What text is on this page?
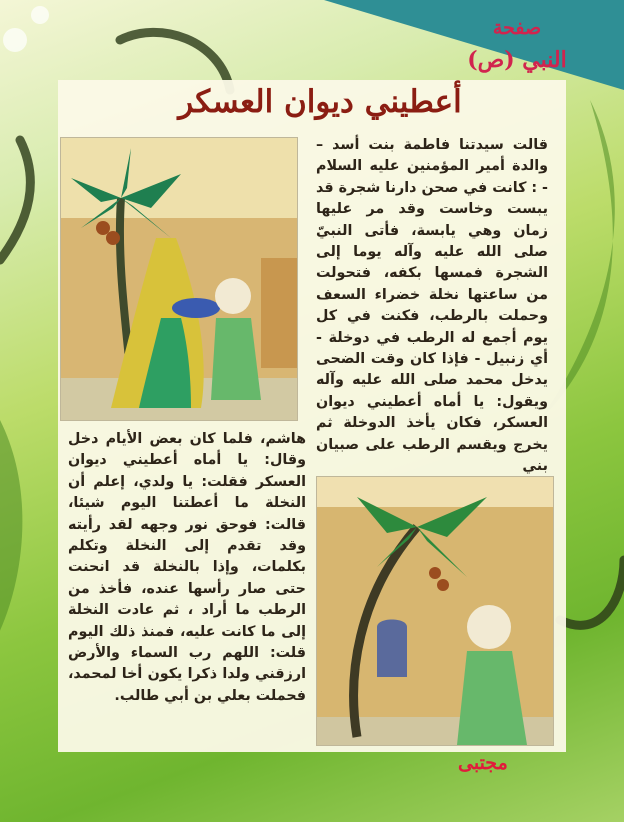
صفحة
النبي (ص)
أعطيني ديوان العسكر
قالت سيدتنا فاطمة بنت أسد – والدة أمير المؤمنين عليه السلام - : كانت في صحن دارنا شجرة قد يبست وخاست وقد مر عليها زمان وهي يابسة، فأتى النبيّ صلى الله عليه وآله يوما إلى الشجرة فمسها بكفه، فتحولت من ساعتها نخلة خضراء السعف وحملت بالرطب، فكنت في كل يوم أجمع له الرطب في دوخلة - أي زنبيل - فإذا كان وقت الضحى يدخل محمد صلى الله عليه وآله ويقول: يا أماه أعطيني ديوان العسكر، فكان يأخذ الدوخلة ثم يخرج ويقسم الرطب على صبيان بني
هاشم، فلما كان بعض الأيام دخل وقال: يا أماه أعطيني ديوان العسكر فقلت: يا ولدي، إعلم أن النخلة ما أعطتنا اليوم شيئا، قالت: فوحق نور وجهه لقد رأيته وقد تقدم إلى النخلة وتكلم بكلمات، وإذا بالنخلة قد انحنت حتى صار رأسها عنده، فأخذ من الرطب ما أراد ، ثم عادت النخلة إلى ما كانت عليه، فمنذ ذلك اليوم قلت: اللهم رب السماء والأرض ارزقني ولدا ذكرا يكون أخا لمحمد، فحملت بعلي بن أبي طالب.
مجتبى
